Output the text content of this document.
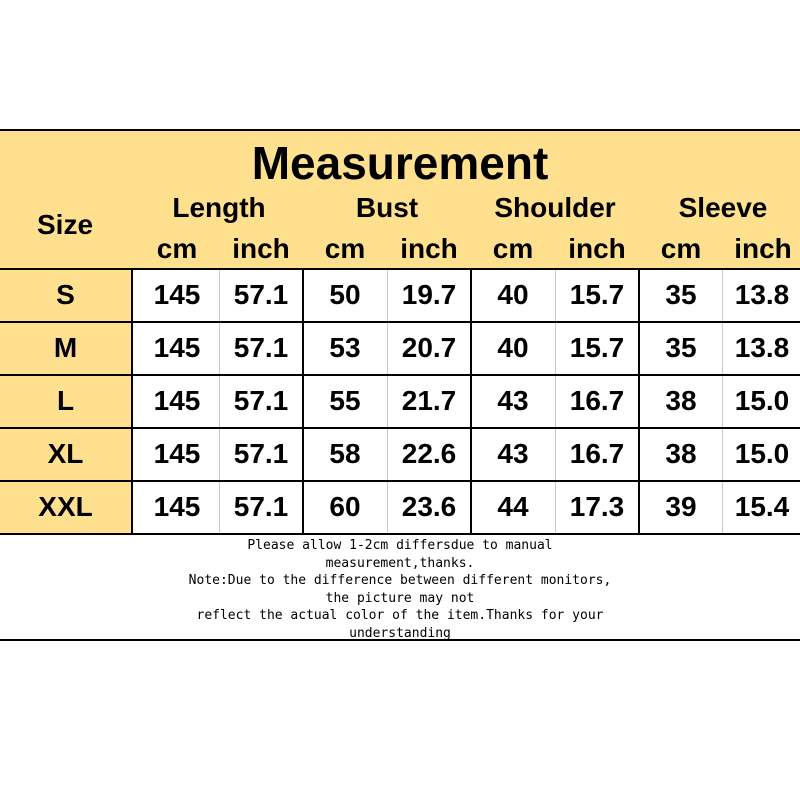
Measurement
Size
Length	Bust	Shoulder	Sleeve
cm	inch	cm	inch	cm	inch	cm	inch
S	145	57.1	50	19.7	40	15.7	35	13.8
M	145	57.1	53	20.7	40	15.7	35	13.8
L	145	57.1	55	21.7	43	16.7	38	15.0
XL	145	57.1	58	22.6	43	16.7	38	15.0
XXL	145	57.1	60	23.6	44	17.3	39	15.4
Please allow 1-2cm differsdue to manual
measurement,thanks.
Note:Due to the difference between different monitors,
the picture may not
reflect the actual color of the item.Thanks for your
understanding
